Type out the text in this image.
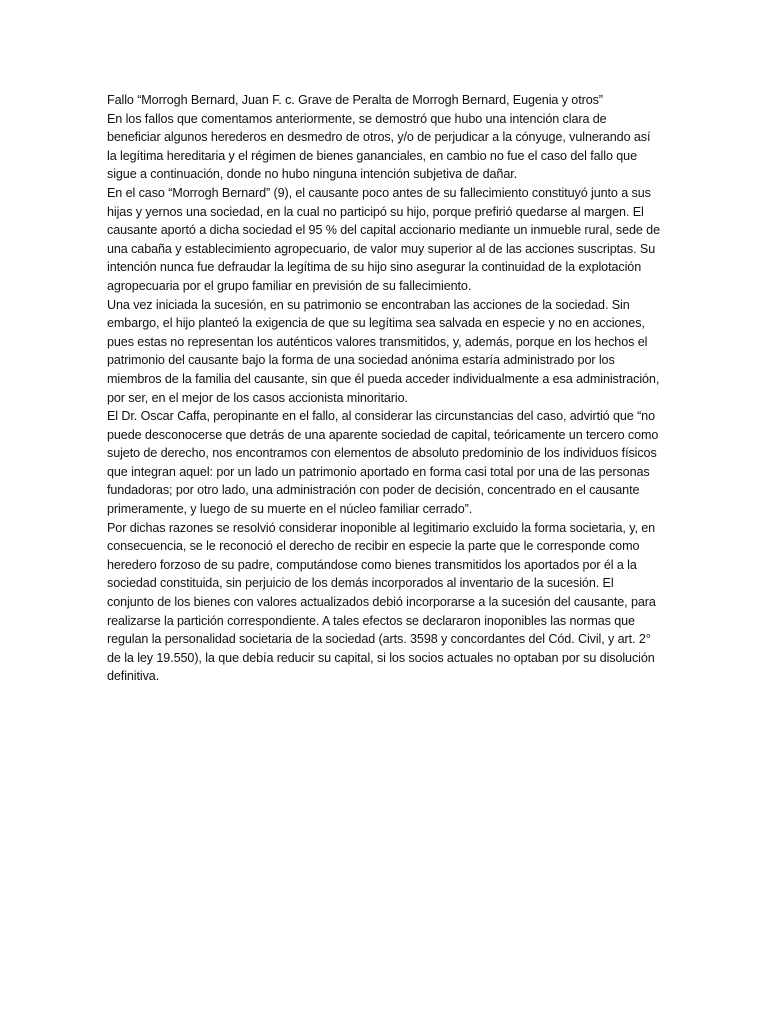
Fallo “Morrogh Bernard, Juan F. c. Grave de Peralta de Morrogh Bernard, Eugenia y otros”

En los fallos que comentamos anteriormente, se demostró que hubo una intención clara de beneficiar algunos herederos en desmedro de otros, y/o de perjudicar a la cónyuge, vulnerando así la legítima hereditaria y el régimen de bienes gananciales, en cambio no fue el caso del fallo que sigue a continuación, donde no hubo ninguna intención subjetiva de dañar.

En el caso “Morrogh Bernard” (9), el causante poco antes de su fallecimiento constituyó junto a sus hijas y yernos una sociedad, en la cual no participó su hijo, porque prefirió quedarse al margen. El causante aportó a dicha sociedad el 95 % del capital accionario mediante un inmueble rural, sede de una cabaña y establecimiento agropecuario, de valor muy superior al de las acciones suscriptas. Su intención nunca fue defraudar la legítima de su hijo sino asegurar la continuidad de la explotación agropecuaria por el grupo familiar en previsión de su fallecimiento.

Una vez iniciada la sucesión, en su patrimonio se encontraban las acciones de la sociedad. Sin embargo, el hijo planteó la exigencia de que su legítima sea salvada en especie y no en acciones, pues estas no representan los auténticos valores transmitidos, y, además, porque en los hechos el patrimonio del causante bajo la forma de una sociedad anónima estaría administrado por los miembros de la familia del causante, sin que él pueda acceder individualmente a esa administración, por ser, en el mejor de los casos accionista minoritario.

El Dr. Oscar Caffa, peropinante en el fallo, al considerar las circunstancias del caso, advirtió que “no puede desconocerse que detrás de una aparente sociedad de capital, teóricamente un tercero como sujeto de derecho, nos encontramos con elementos de absoluto predominio de los individuos físicos que integran aquel: por un lado un patrimonio aportado en forma casi total por una de las personas fundadoras; por otro lado, una administración con poder de decisión, concentrado en el causante primeramente, y luego de su muerte en el núcleo familiar cerrado”.

Por dichas razones se resolvió considerar inoponible al legitimario excluido la forma societaria, y, en consecuencia, se le reconoció el derecho de recibir en especie la parte que le corresponde como heredero forzoso de su padre, computándose como bienes transmitidos los aportados por él a la sociedad constituida, sin perjuicio de los demás incorporados al inventario de la sucesión. El conjunto de los bienes con valores actualizados debió incorporarse a la sucesión del causante, para realizarse la partición correspondiente. A tales efectos se declararon inoponibles las normas que regulan la personalidad societaria de la sociedad (arts. 3598 y concordantes del Cód. Civil, y art. 2° de la ley 19.550), la que debía reducir su capital, si los socios actuales no optaban por su disolución definitiva.
